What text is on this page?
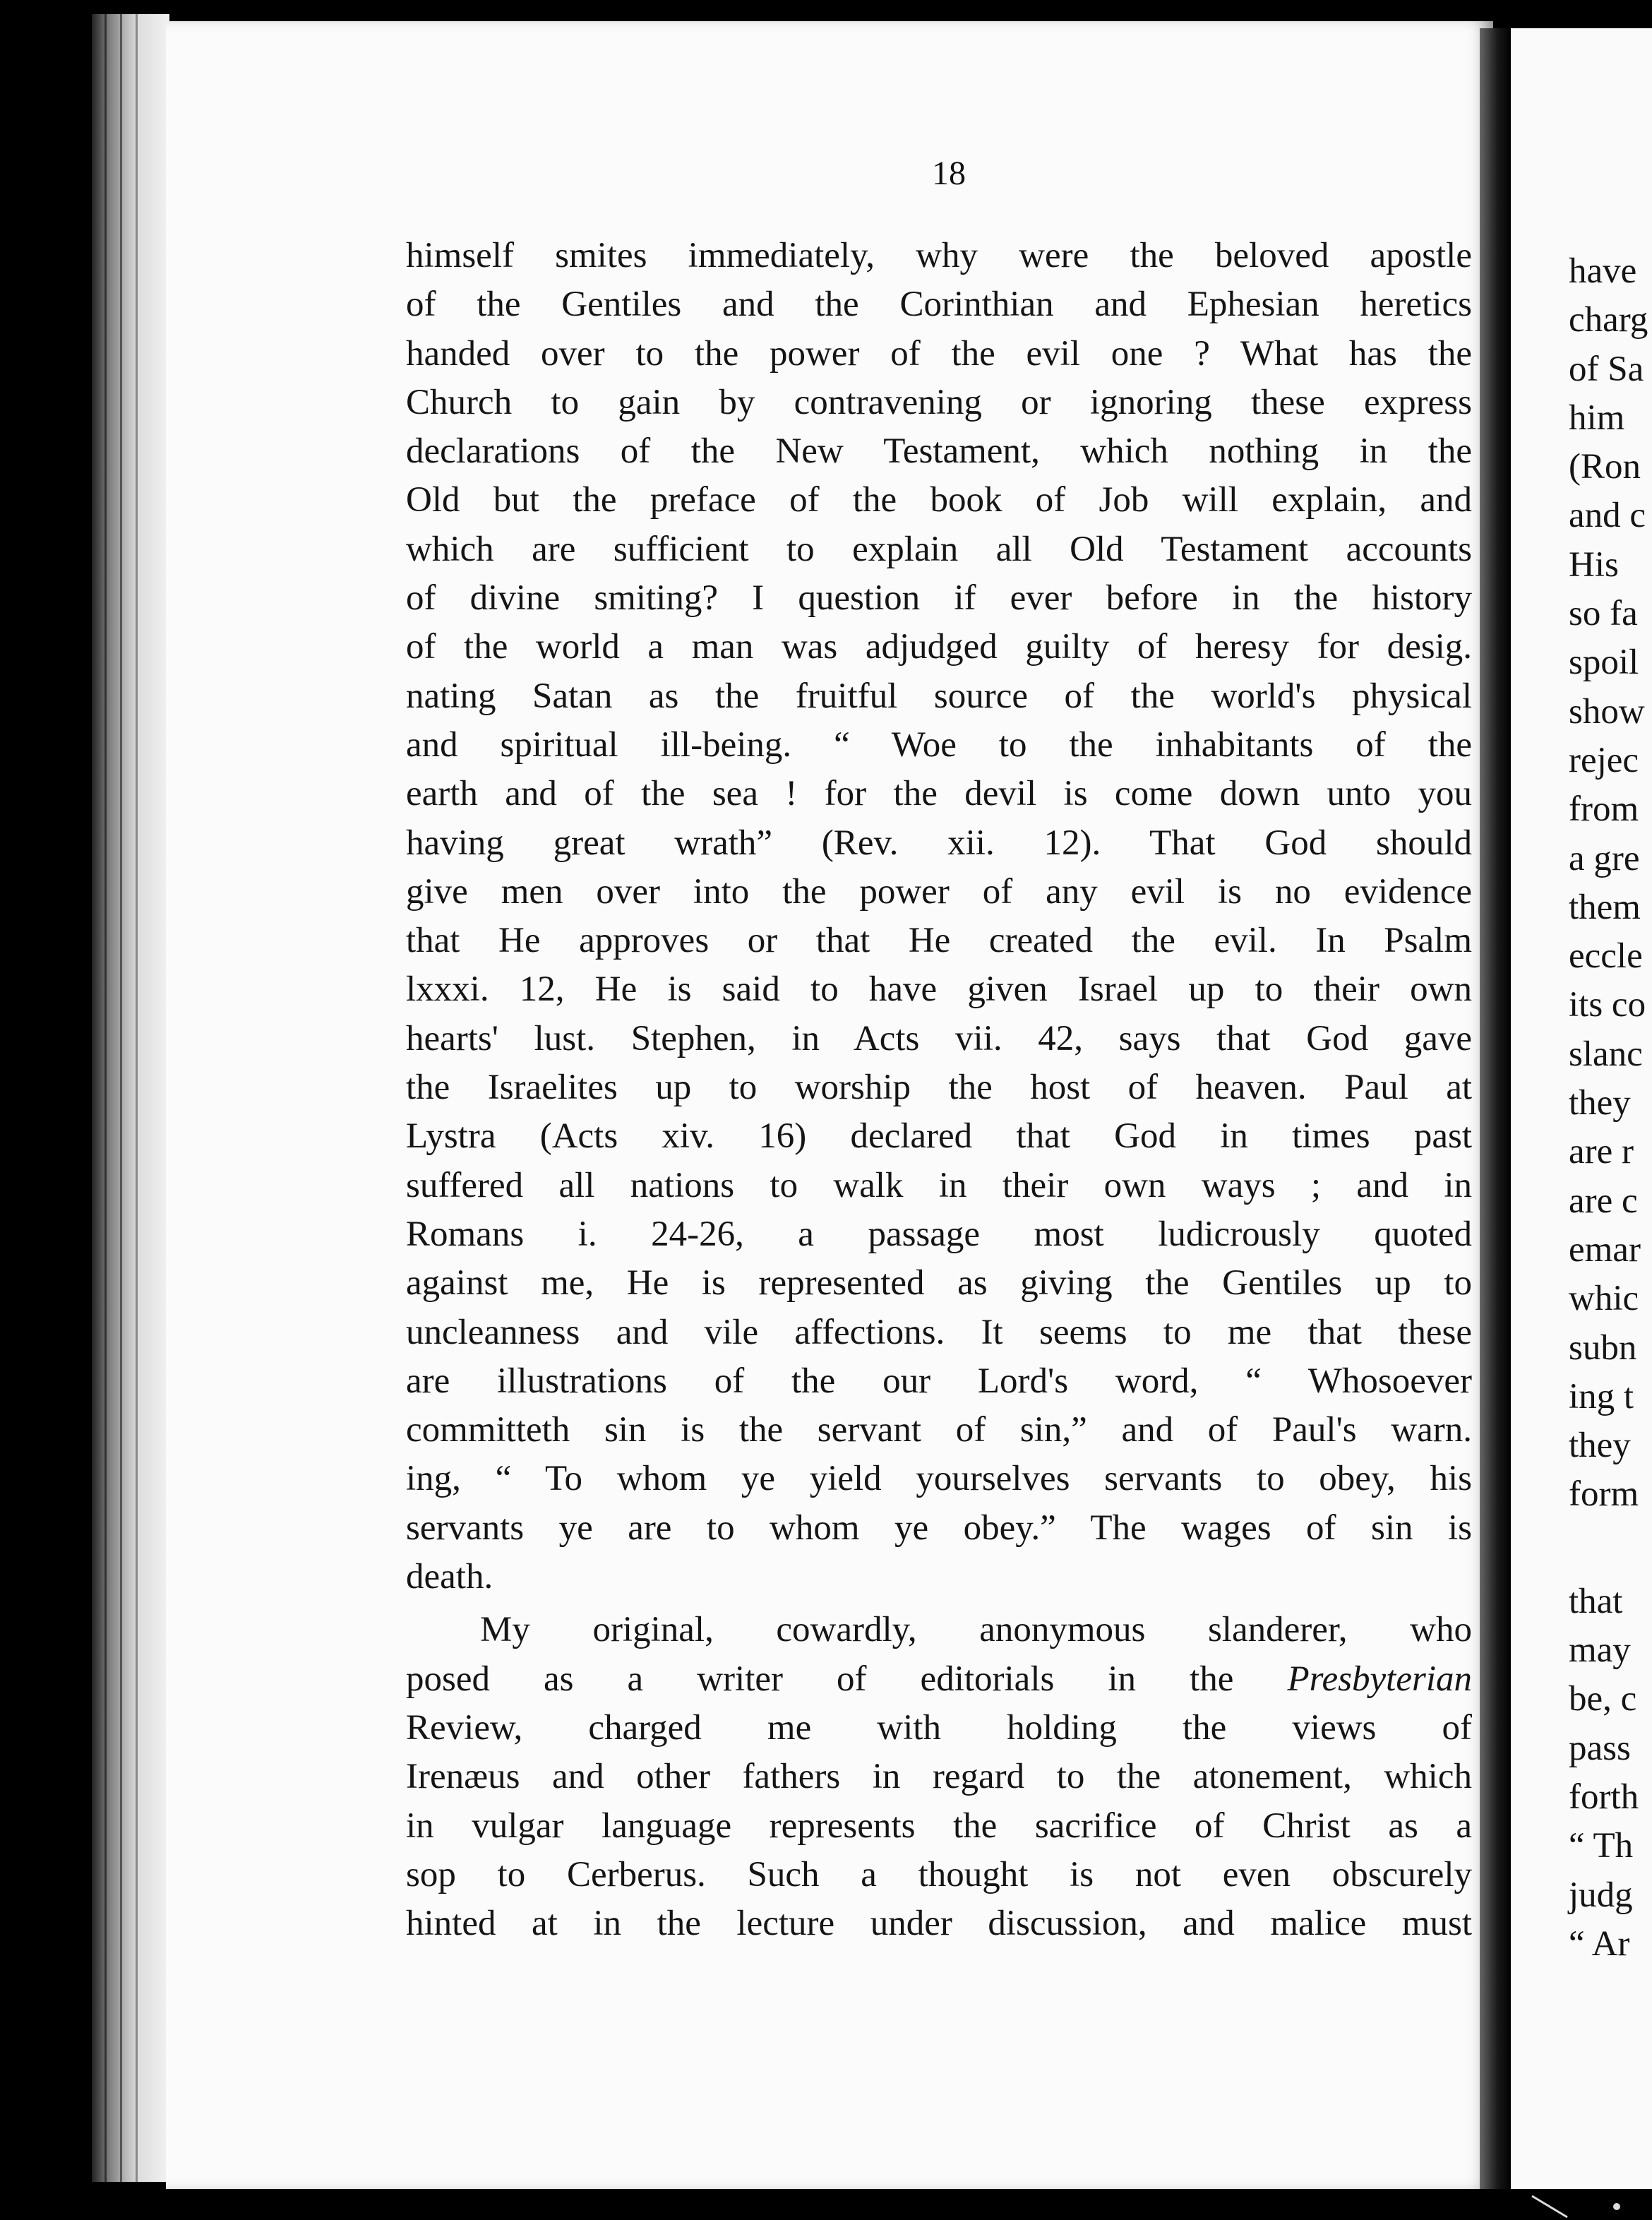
18
himself smites immediately, why were the beloved apostle
of the Gentiles and the Corinthian and Ephesian heretics
handed over to the power of the evil one ? What has the
Church to gain by contravening or ignoring these express
declarations of the New Testament, which nothing in the
Old but the preface of the book of Job will explain, and
which are sufficient to explain all Old Testament accounts
of divine smiting? I question if ever before in the history
of the world a man was adjudged guilty of heresy for desig.
nating Satan as the fruitful source of the world's physical
and spiritual ill-being. “ Woe to the inhabitants of the
earth and of the sea ! for the devil is come down unto you
having great wrath” (Rev. xii. 12). That God should
give men over into the power of any evil is no evidence
that He approves or that He created the evil. In Psalm
lxxxi. 12, He is said to have given Israel up to their own
hearts' lust. Stephen, in Acts vii. 42, says that God gave
the Israelites up to worship the host of heaven. Paul at
Lystra (Acts xiv. 16) declared that God in times past
suffered all nations to walk in their own ways ; and in
Romans i. 24-26, a passage most ludicrously quoted
against me, He is represented as giving the Gentiles up to
uncleanness and vile affections. It seems to me that these
are illustrations of the our Lord's word, “ Whosoever
committeth sin is the servant of sin,” and of Paul's warn.
ing, “ To whom ye yield yourselves servants to obey, his
servants ye are to whom ye obey.” The wages of sin is
death.
My original, cowardly, anonymous slanderer, who
posed as a writer of editorials in the Presbyterian
Review, charged me with holding the views of
Irenæus and other fathers in regard to the atonement, which
in vulgar language represents the sacrifice of Christ as a
sop to Cerberus. Such a thought is not even obscurely
hinted at in the lecture under discussion, and malice must
have
charg
of Sa
him
(Ron
and c
His
so fa
spoil
show
rejec
from
a gre
them
eccle
its co
slanc
they
are r
are c
emar
whic
subn
ing t
they
form
that
may
be, c
pass
forth
“ Th
judg
“ Ar
